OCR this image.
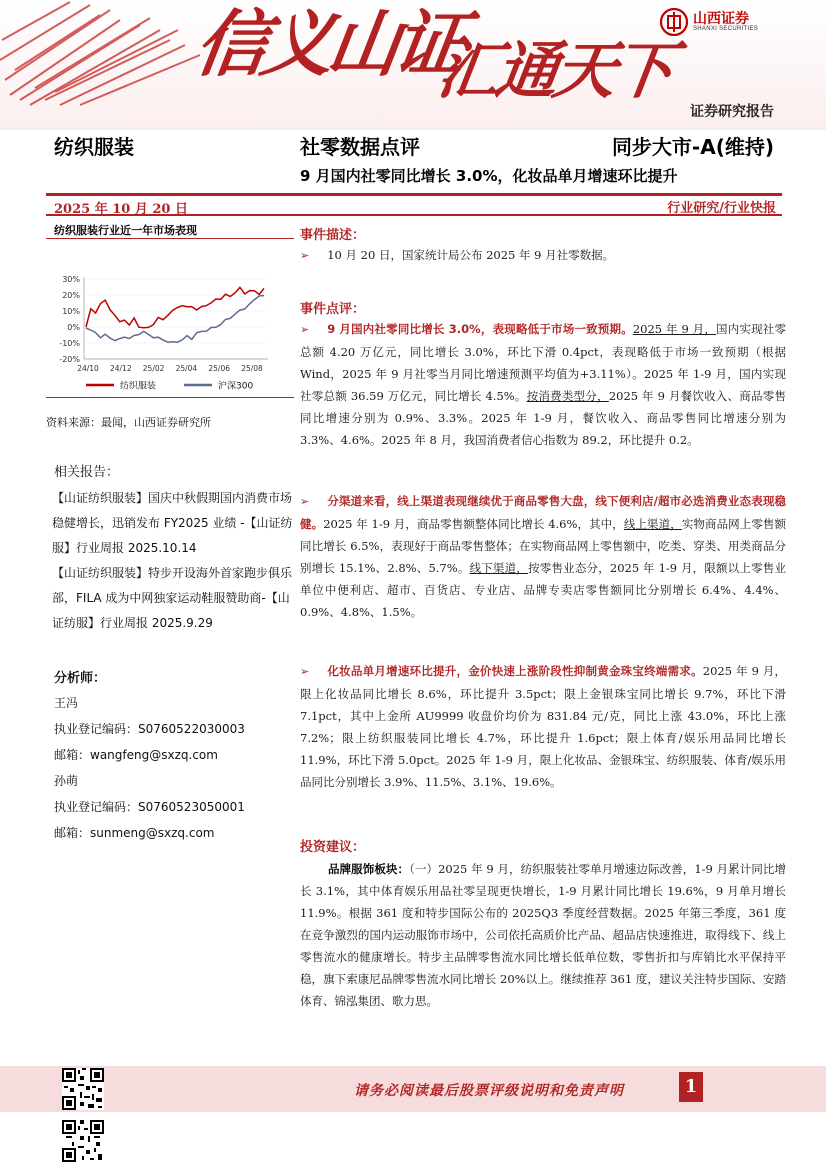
信义山证
汇通天下
山西证券
SHANXI SECURITIES
证券研究报告
纺织服装	社零数据点评	同步大市-A(维持)
9 月国内社零同比增长 3.0%，化妆品单月增速环比提升
2025 年 10 月 20 日	行业研究/行业快报
纺织服装行业近一年市场表现
30%
20%
10%
0%
-10%
-20%
24/10 24/12 25/02 25/04 25/06 25/08
纺织服装	沪深300
资料来源：最闻，山西证券研究所
相关报告：
【山证纺织服装】国庆中秋假期国内消费市场稳健增长，迅销发布 FY2025 业绩 -【山证纺服】行业周报 2025.10.14
【山证纺织服装】特步开设海外首家跑步俱乐部，FILA 成为中网独家运动鞋服赞助商-【山证纺服】行业周报 2025.9.29
分析师：
王冯
执业登记编码：S0760522030003
邮箱：wangfeng@sxzq.com
孙萌
执业登记编码：S0760523050001
邮箱：sunmeng@sxzq.com
事件描述：
➢ 10 月 20 日，国家统计局公布 2025 年 9 月社零数据。
事件点评：
➢ 9 月国内社零同比增长 3.0%，表现略低于市场一致预期。2025 年 9 月，国内实现社零总额 4.20 万亿元，同比增长 3.0%，环比下滑 0.4pct，表现略低于市场一致预期（根据 Wind，2025 年 9 月社零当月同比增速预测平均值为+3.11%）。2025 年 1-9 月，国内实现社零总额 36.59 万亿元，同比增长 4.5%。按消费类型分，2025 年 9 月餐饮收入、商品零售同比增速分别为 0.9%、3.3%。2025 年 1-9 月，餐饮收入、商品零售同比增速分别为 3.3%、4.6%。2025 年 8 月，我国消费者信心指数为 89.2，环比提升 0.2。
➢ 分渠道来看，线上渠道表现继续优于商品零售大盘，线下便利店/超市必选消费业态表现稳健。2025 年 1-9 月，商品零售额整体同比增长 4.6%，其中，线上渠道，实物商品网上零售额同比增长 6.5%，表现好于商品零售整体；在实物商品网上零售额中，吃类、穿类、用类商品分别增长 15.1%、2.8%、5.7%。线下渠道，按零售业态分，2025 年 1-9 月，限额以上零售业单位中便利店、超市、百货店、专业店、品牌专卖店零售额同比分别增长 6.4%、4.4%、0.9%、4.8%、1.5%。
➢ 化妆品单月增速环比提升，金价快速上涨阶段性抑制黄金珠宝终端需求。2025 年 9 月，限上化妆品同比增长 8.6%，环比提升 3.5pct；限上金银珠宝同比增长 9.7%，环比下滑 7.1pct，其中上金所 AU9999 收盘价均价为 831.84 元/克，同比上涨 43.0%，环比上涨 7.2%；限上纺织服装同比增长 4.7%，环比提升 1.6pct；限上体育/娱乐用品同比增长 11.9%，环比下滑 5.0pct。2025 年 1-9 月，限上化妆品、金银珠宝、纺织服装、体育/娱乐用品同比分别增长 3.9%、11.5%、3.1%、19.6%。
投资建议：
品牌服饰板块：（一）2025 年 9 月，纺织服装社零单月增速边际改善，1-9 月累计同比增长 3.1%，其中体育娱乐用品社零呈现更快增长，1-9 月累计同比增长 19.6%，9 月单月增长 11.9%。根据 361 度和特步国际公布的 2025Q3 季度经营数据。2025 年第三季度，361 度在竞争激烈的国内运动服饰市场中，公司依托高质价比产品、超品店快速推进，取得线下、线上零售流水的健康增长。特步主品牌零售流水同比增长低单位数，零售折扣与库销比水平保持平稳，旗下索康尼品牌零售流水同比增长 20%以上。继续推荐 361 度，建议关注特步国际、安踏体育、锦泓集团、歌力思。
请务必阅读最后股票评级说明和免责声明	1
